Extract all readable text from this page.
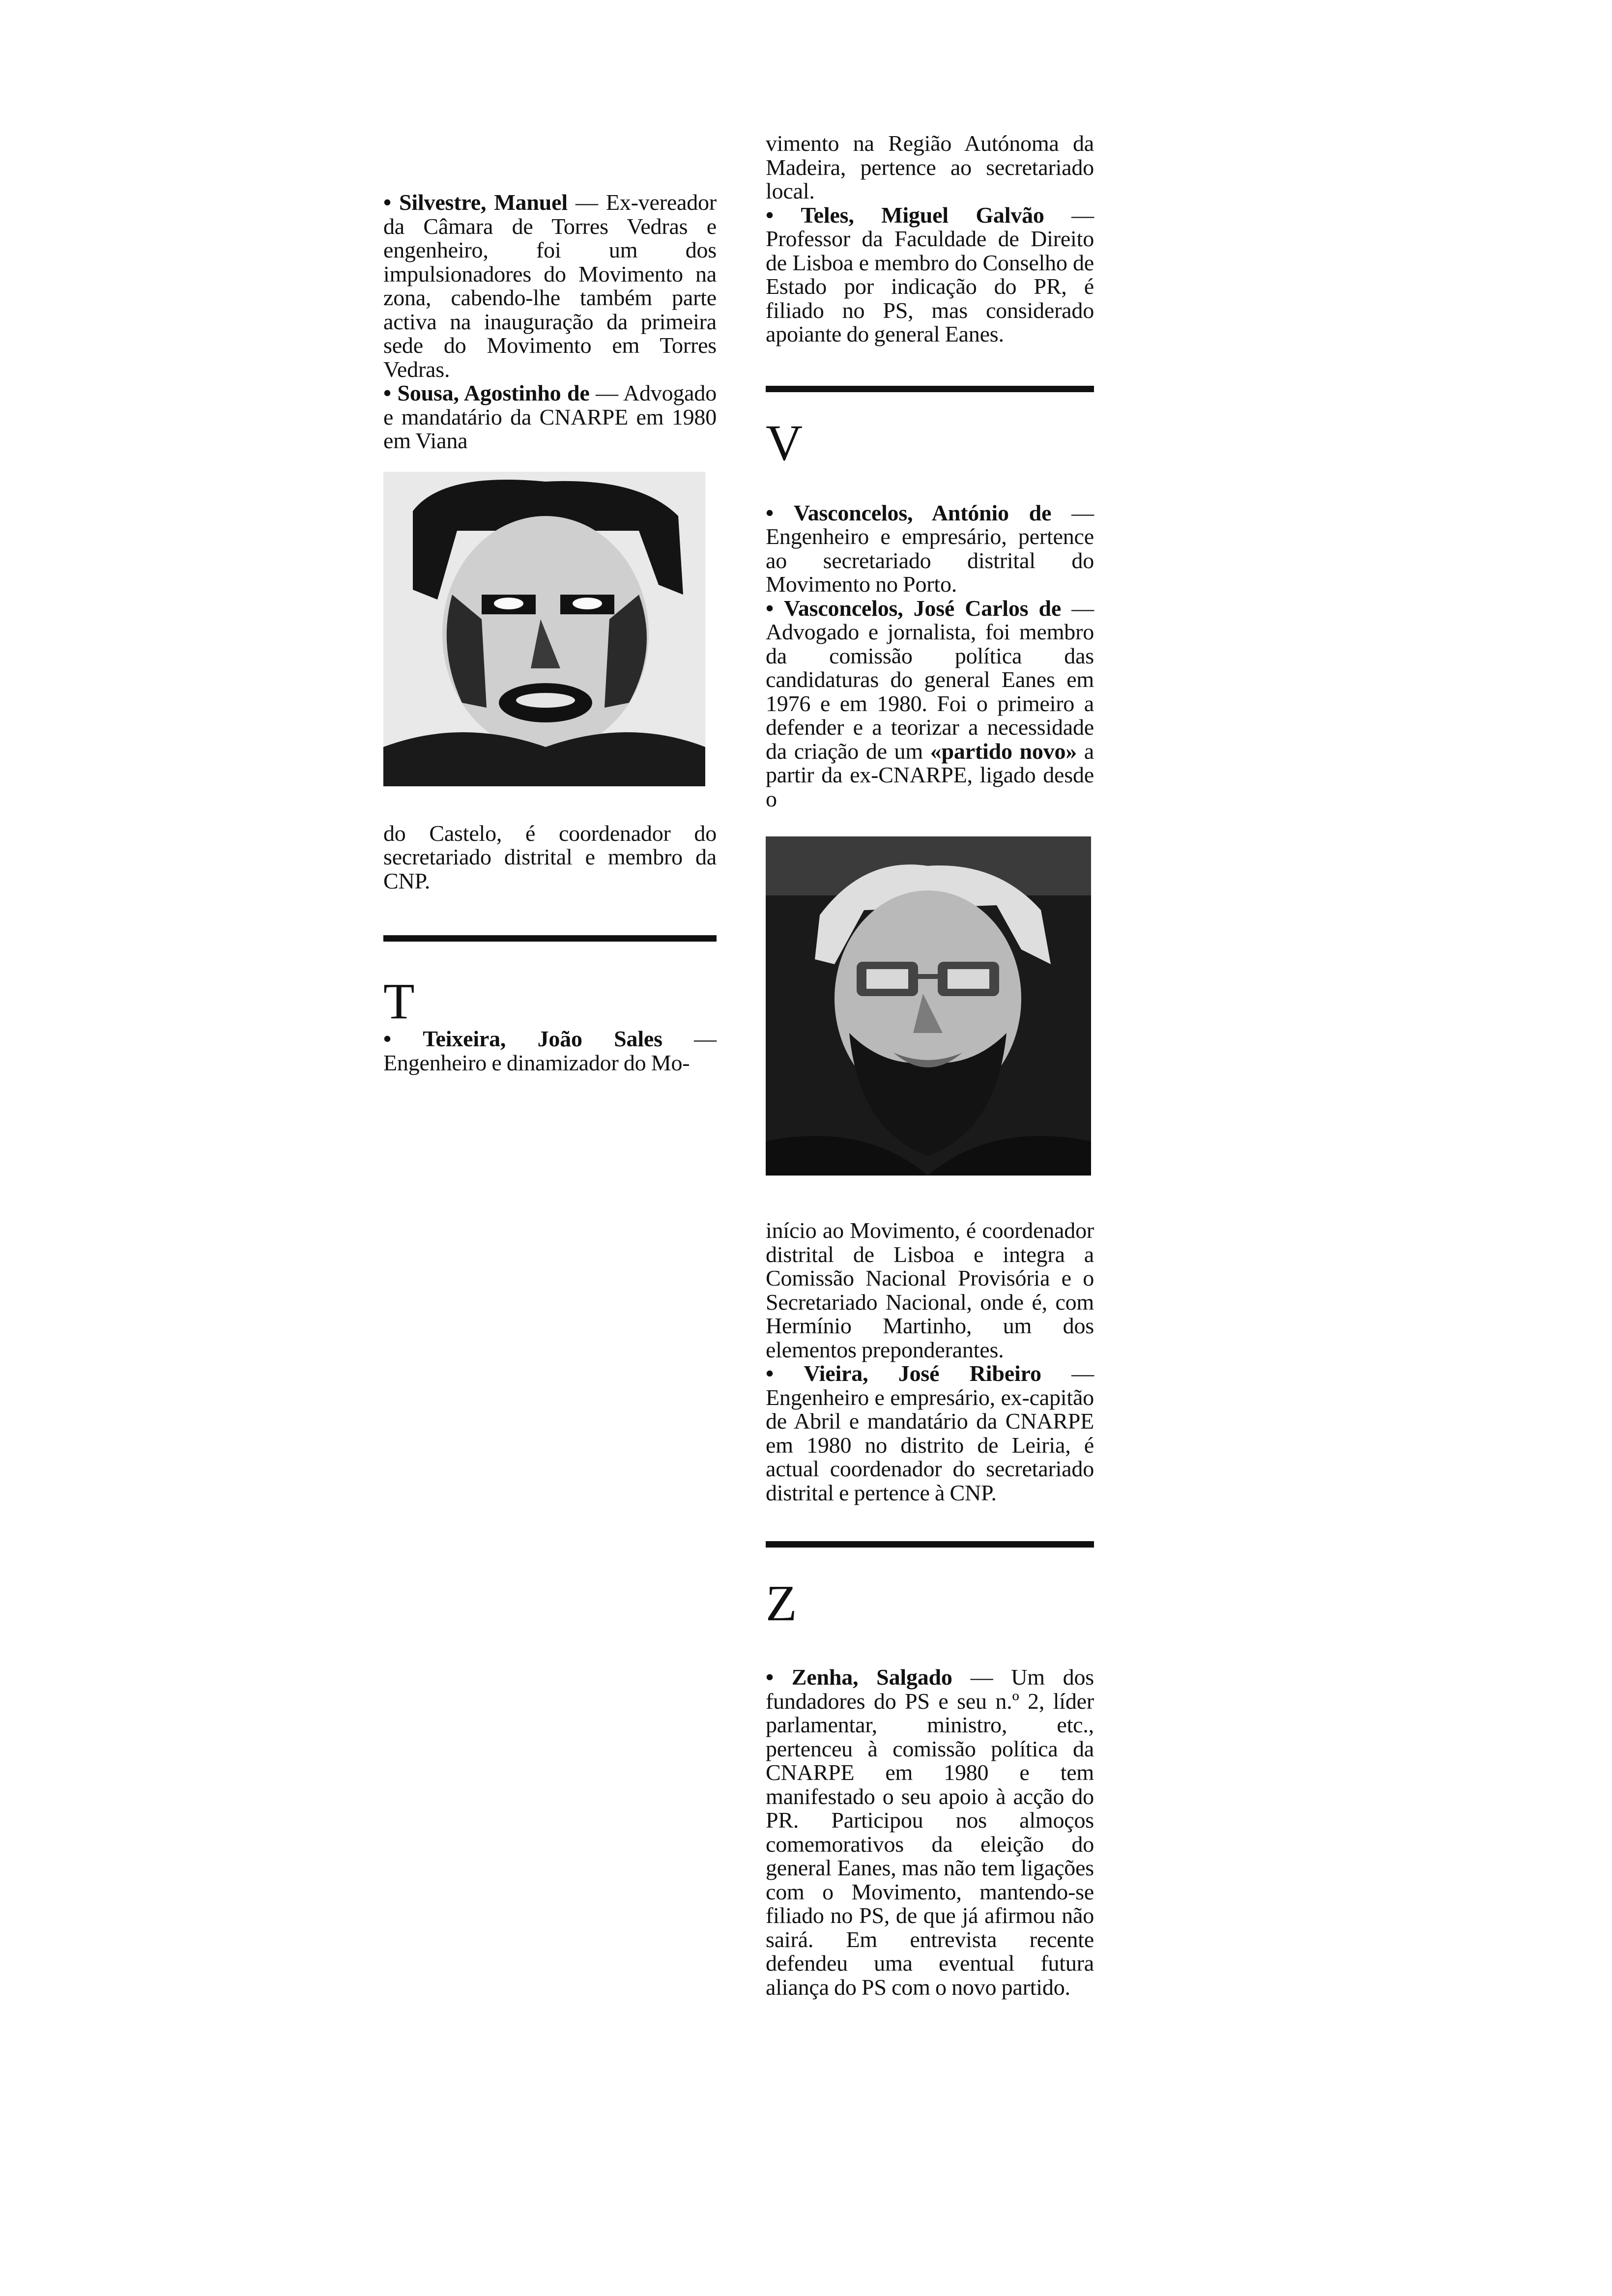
• Silvestre, Manuel — Ex-vereador da Câmara de Torres Vedras e engenheiro, foi um dos impulsionadores do Movimento na zona, cabendo-lhe também parte activa na inauguração da primeira sede do Movimento em Torres Vedras.

• Sousa, Agostinho de — Advogado e mandatário da CNARPE em 1980 em Viana

do Castelo, é coordenador do secretariado distrital e membro da CNP.

T

• Teixeira, João Sales — Engenheiro e dinamizador do Mo-

vimento na Região Autónoma da Madeira, pertence ao secretariado local.

• Teles, Miguel Galvão — Professor da Faculdade de Direito de Lisboa e membro do Conselho de Estado por indicação do PR, é filiado no PS, mas considerado apoiante do general Eanes.

V

• Vasconcelos, António de — Engenheiro e empresário, pertence ao secretariado distrital do Movimento no Porto.

• Vasconcelos, José Carlos de — Advogado e jornalista, foi membro da comissão política das candidaturas do general Eanes em 1976 e em 1980. Foi o primeiro a defender e a teorizar a necessidade da criação de um «partido novo» a partir da ex-CNARPE, ligado desde o

início ao Movimento, é coordenador distrital de Lisboa e integra a Comissão Nacional Provisória e o Secretariado Nacional, onde é, com Hermínio Martinho, um dos elementos preponderantes.

• Vieira, José Ribeiro — Engenheiro e empresário, ex-capitão de Abril e mandatário da CNARPE em 1980 no distrito de Leiria, é actual coordenador do secretariado distrital e pertence à CNP.

Z

• Zenha, Salgado — Um dos fundadores do PS e seu n.º 2, líder parlamentar, ministro, etc., pertenceu à comissão política da CNARPE em 1980 e tem manifestado o seu apoio à acção do PR. Participou nos almoços comemorativos da eleição do general Eanes, mas não tem ligações com o Movimento, mantendo-se filiado no PS, de que já afirmou não sairá. Em entrevista recente defendeu uma eventual futura aliança do PS com o novo partido.
